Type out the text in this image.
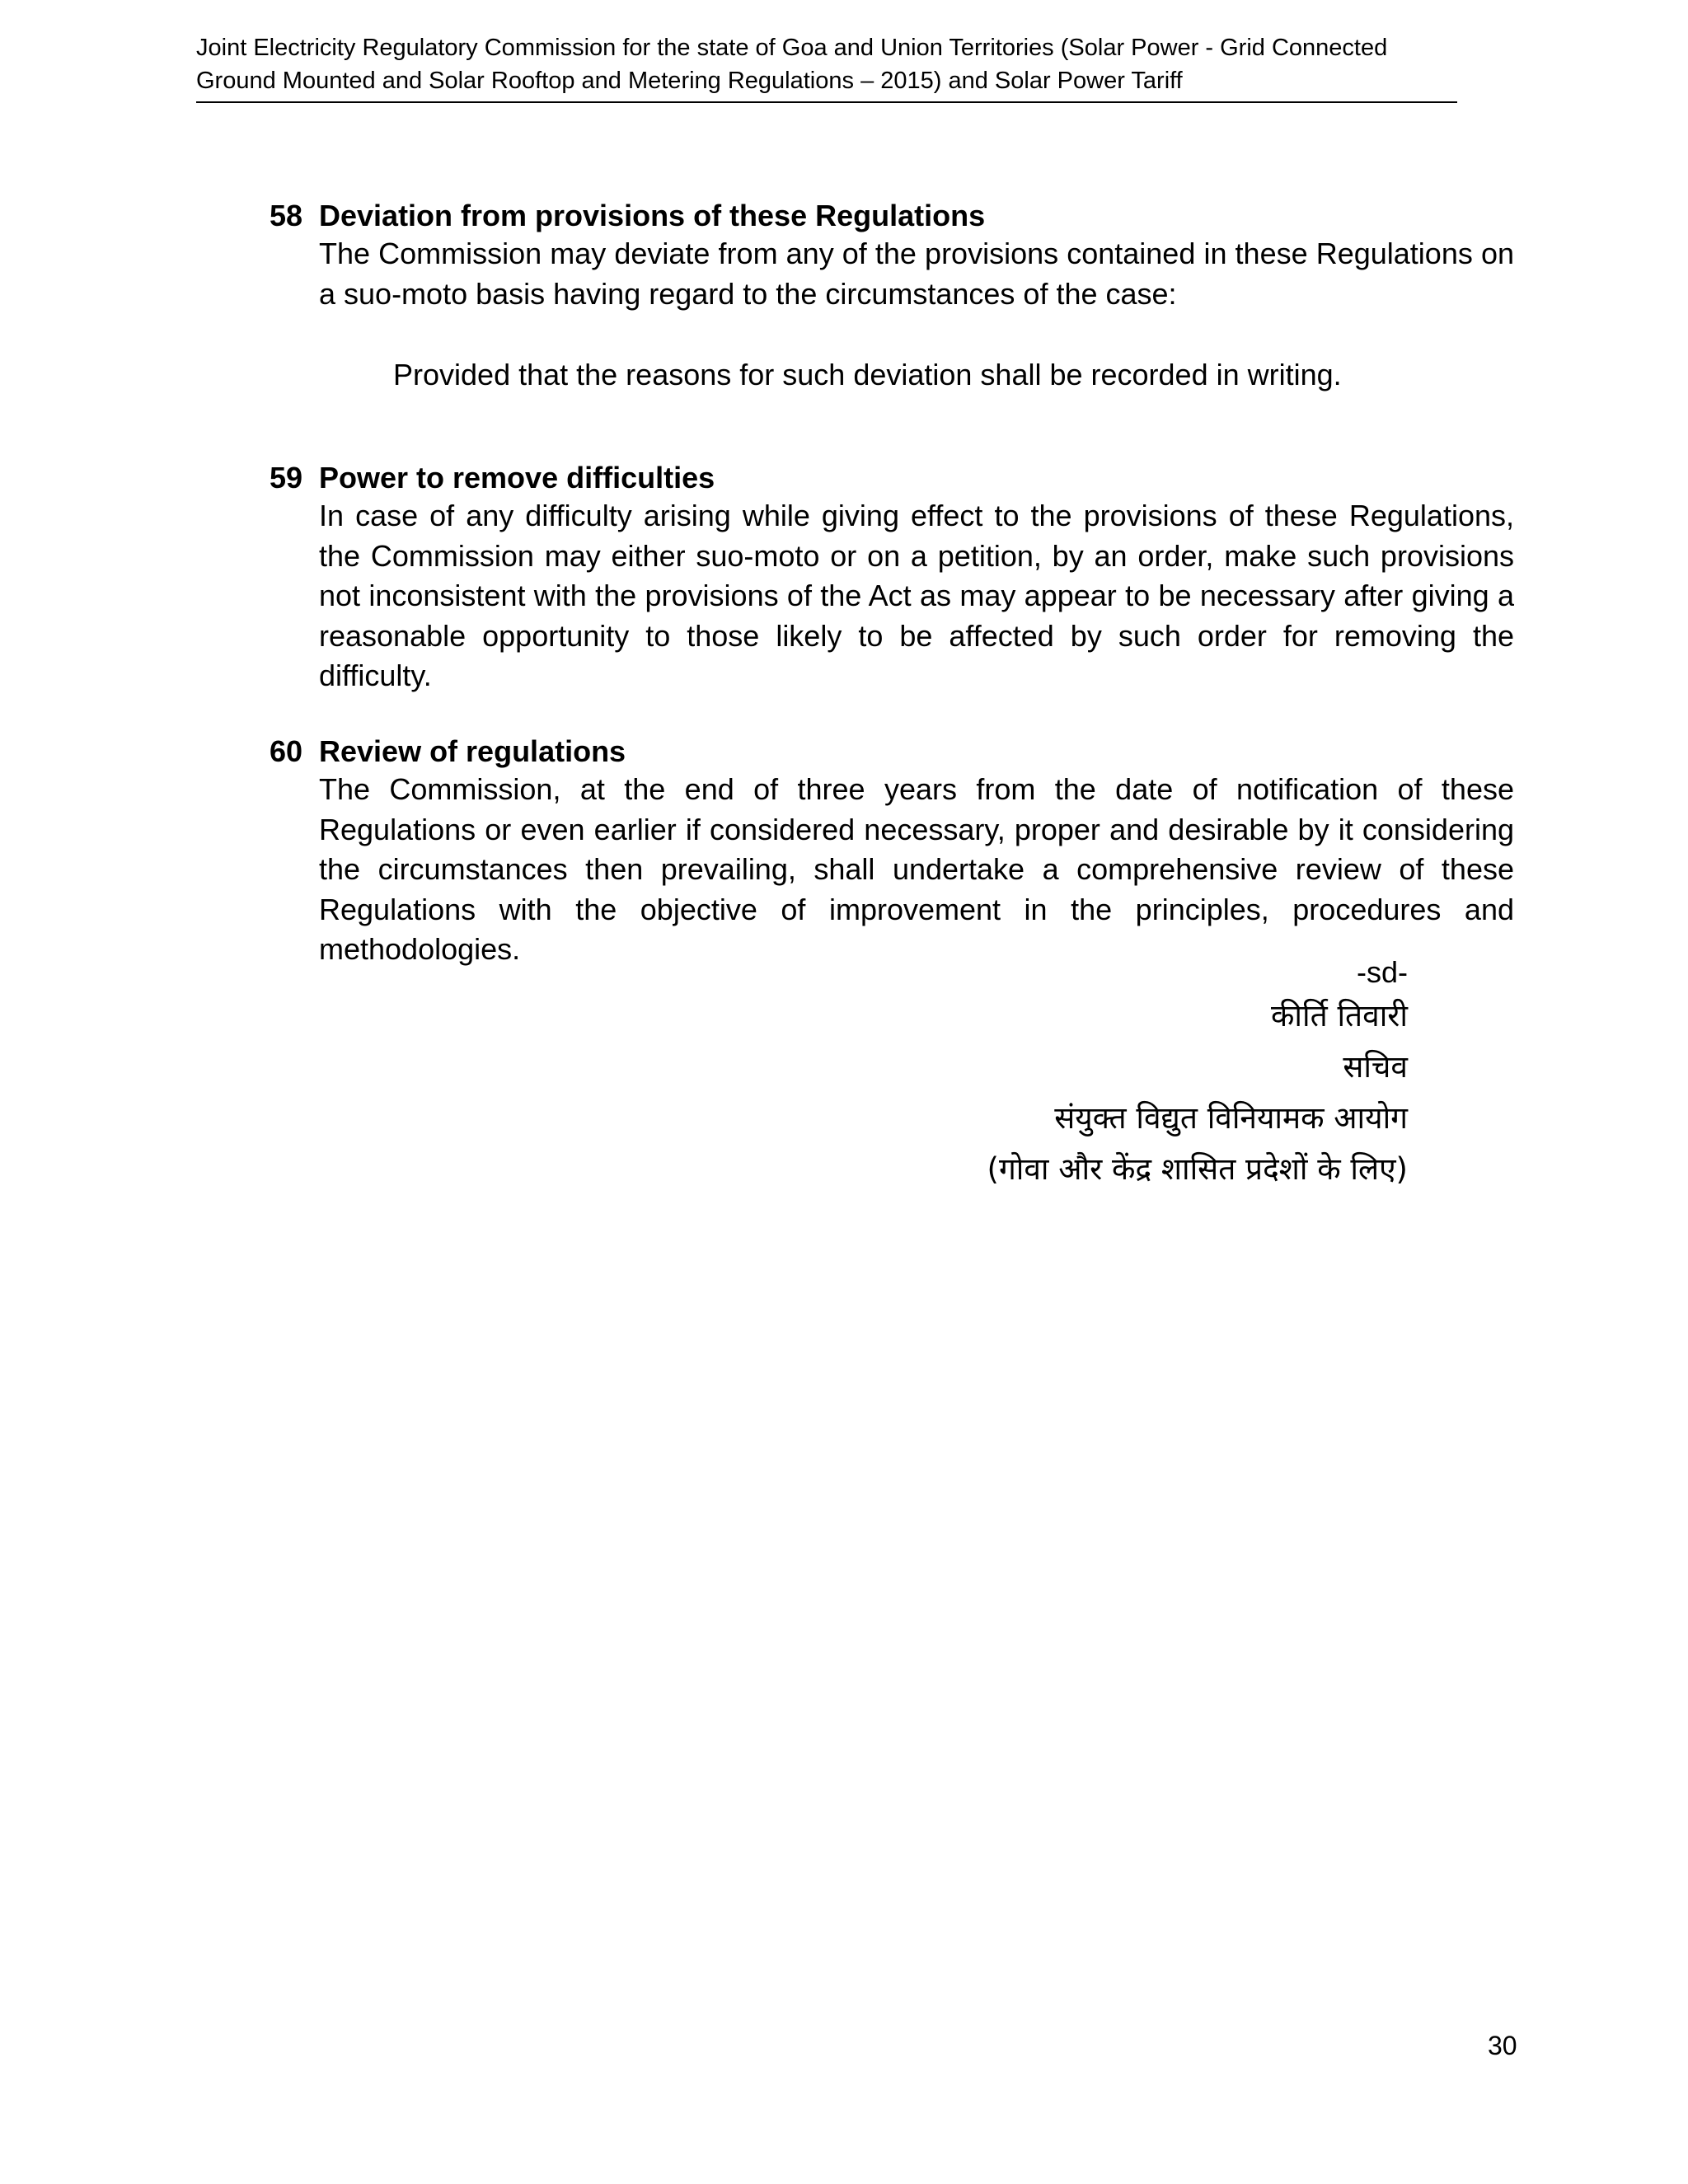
Joint Electricity Regulatory Commission for the state of Goa and Union Territories (Solar Power - Grid Connected
Ground Mounted and Solar Rooftop and Metering Regulations – 2015) and Solar Power Tariff
58 Deviation from provisions of these Regulations
The Commission may deviate from any of the provisions contained in these Regulations on a suo-moto basis having regard to the circumstances of the case:
Provided that the reasons for such deviation shall be recorded in writing.
59 Power to remove difficulties
In case of any difficulty arising while giving effect to the provisions of these Regulations, the Commission may either suo-moto or on a petition, by an order, make such provisions not inconsistent with the provisions of the Act as may appear to be necessary after giving a reasonable opportunity to those likely to be affected by such order for removing the difficulty.
60 Review of regulations
The Commission, at the end of three years from the date of notification of these Regulations or even earlier if considered necessary, proper and desirable by it considering the circumstances then prevailing, shall undertake a comprehensive review of these Regulations with the objective of improvement in the principles, procedures and methodologies.
-sd-
कीर्ति तिवारी
सचिव
संयुक्त विद्युत विनियामक आयोग
(गोवा और केंद्र शासित प्रदेशों के लिए)
30
